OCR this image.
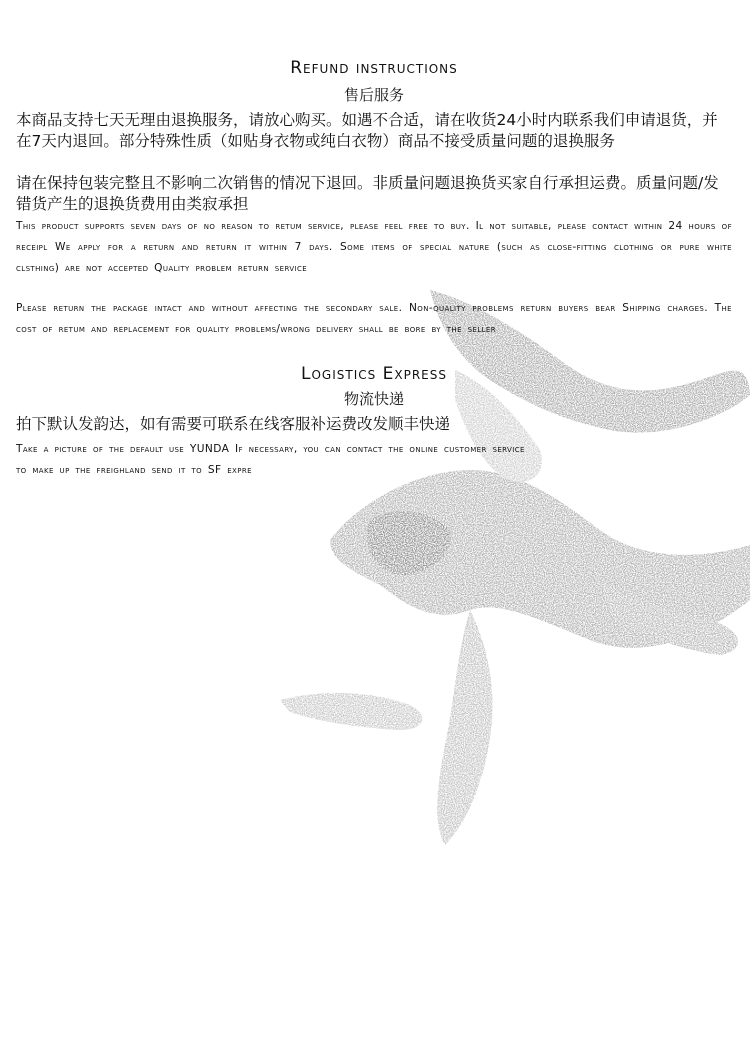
Refund instructions
售后服务
本商品支持七天无理由退换服务，请放心购买。如遇不合适，请在收货24小时内联系我们申请退货，并在7天内退回。部分特殊性质（如贴身衣物或纯白衣物）商品不接受质量问题的退换服务
请在保持包装完整且不影响二次销售的情况下退回。非质量问题退换货买家自行承担运费。质量问题/发错货产生的退换货费用由类寂承担
This product supports seven days of no reason to retum service, please feel free to buy. Il not suitable, please contact within 24 hours of receipl We apply for a return and return it within 7 days. Some items of special nature (such as close-fitting clothing or pure white clsthing) are not accepted Quality problem return service
Please return the package intact and without affecting the secondary sale. Non-quality problems return buyers bear Shipping charges. The cost of retum and replacement for quality problems/wrong delivery shall be bore by the seller
Logistics Express
物流快递
拍下默认发韵达，如有需要可联系在线客服补运费改发顺丰快递
Take a picture of the default use YUNDA If necessary, you can contact the online customer service
to make up the freighland send it to SF expre
